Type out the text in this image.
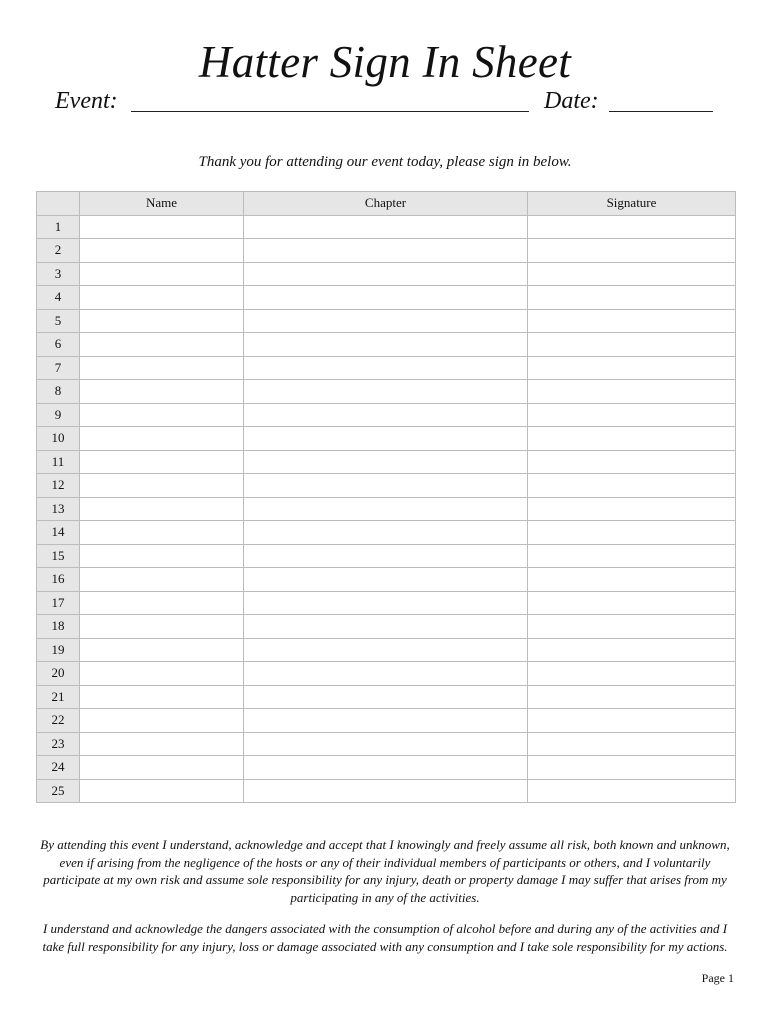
Hatter Sign In Sheet
Event:	Date:
Thank you for attending our event today, please sign in below.
	Name	Chapter	Signature
1			
2			
3			
4			
5			
6			
7			
8			
9			
10			
11			
12			
13			
14			
15			
16			
17			
18			
19			
20			
21			
22			
23			
24			
25			

By attending this event I understand, acknowledge and accept that I knowingly and freely assume all risk, both known and unknown, even if arising from the negligence of the hosts or any of their individual members of participants or others, and I voluntarily participate at my own risk and assume sole responsibility for any injury, death or property damage I may suffer that arises from my participating in any of the activities.

I understand and acknowledge the dangers associated with the consumption of alcohol before and during any of the activities and I take full responsibility for any injury, loss or damage associated with any consumption and I take sole responsibility for my actions.

Page 1
